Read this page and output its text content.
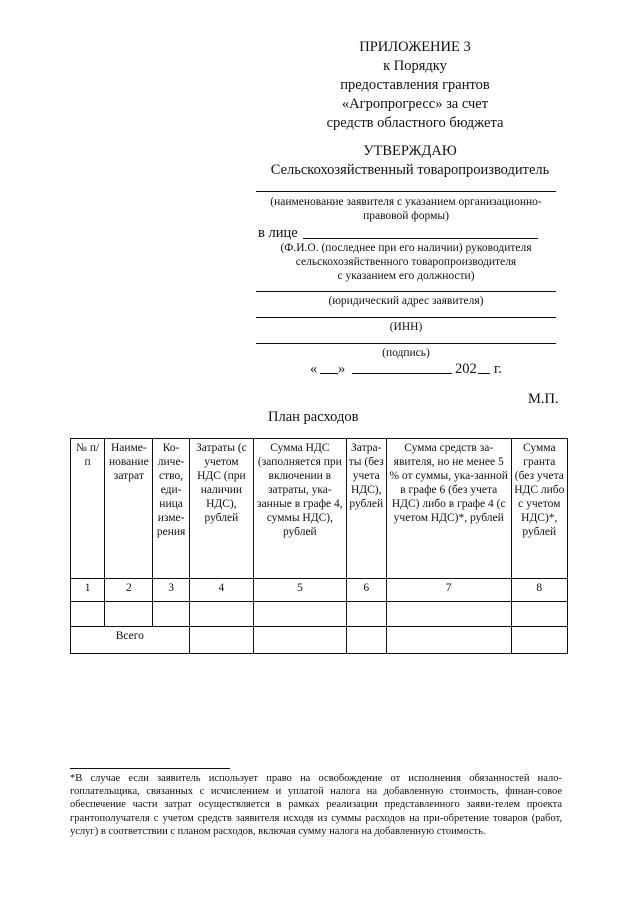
ПРИЛОЖЕНИЕ 3
к Порядку
предоставления грантов
«Агропрогресс» за счет
средств областного бюджета
УТВЕРЖДАЮ
Сельскохозяйственный товаропроизводитель
(наименование заявителя с указанием организационно-правовой формы)
в лице
(Ф.И.О. (последнее при его наличии) руководителя
сельскохозяйственного товаропроизводителя
с указанием его должности)
(юридический адрес заявителя)
(ИНН)
(подпись)
« »	202 г.
М.П.
План расходов
№ п/п	Наиме-нование затрат	Ко-личе-ство, еди-ница изме-рения	Затраты (с учетом НДС (при наличии НДС), рублей	Сумма НДС (заполняется при включении в затраты, ука-занные в графе 4, суммы НДС), рублей	Затра-ты (без учета НДС), рублей	Сумма средств за-явителя, но не менее 5 % от суммы, ука-занной в графе 6 (без учета НДС) либо в графе 4 (с учетом НДС)*, рублей	Сумма гранта (без учета НДС либо с учетом НДС)*, рублей
1	2	3	4	5	6	7	8

Всего							
*В случае если заявитель использует право на освобождение от исполнения обязанностей нало-гоплательщика, связанных с исчислением и уплатой налога на добавленную стоимость, финан-совое обеспечение части затрат осуществляется в рамках реализации представленного заяви-телем проекта грантополучателя с учетом средств заявителя исходя из суммы расходов на при-обретение товаров (работ, услуг) в соответствии с планом расходов, включая сумму налога на добавленную стоимость.
